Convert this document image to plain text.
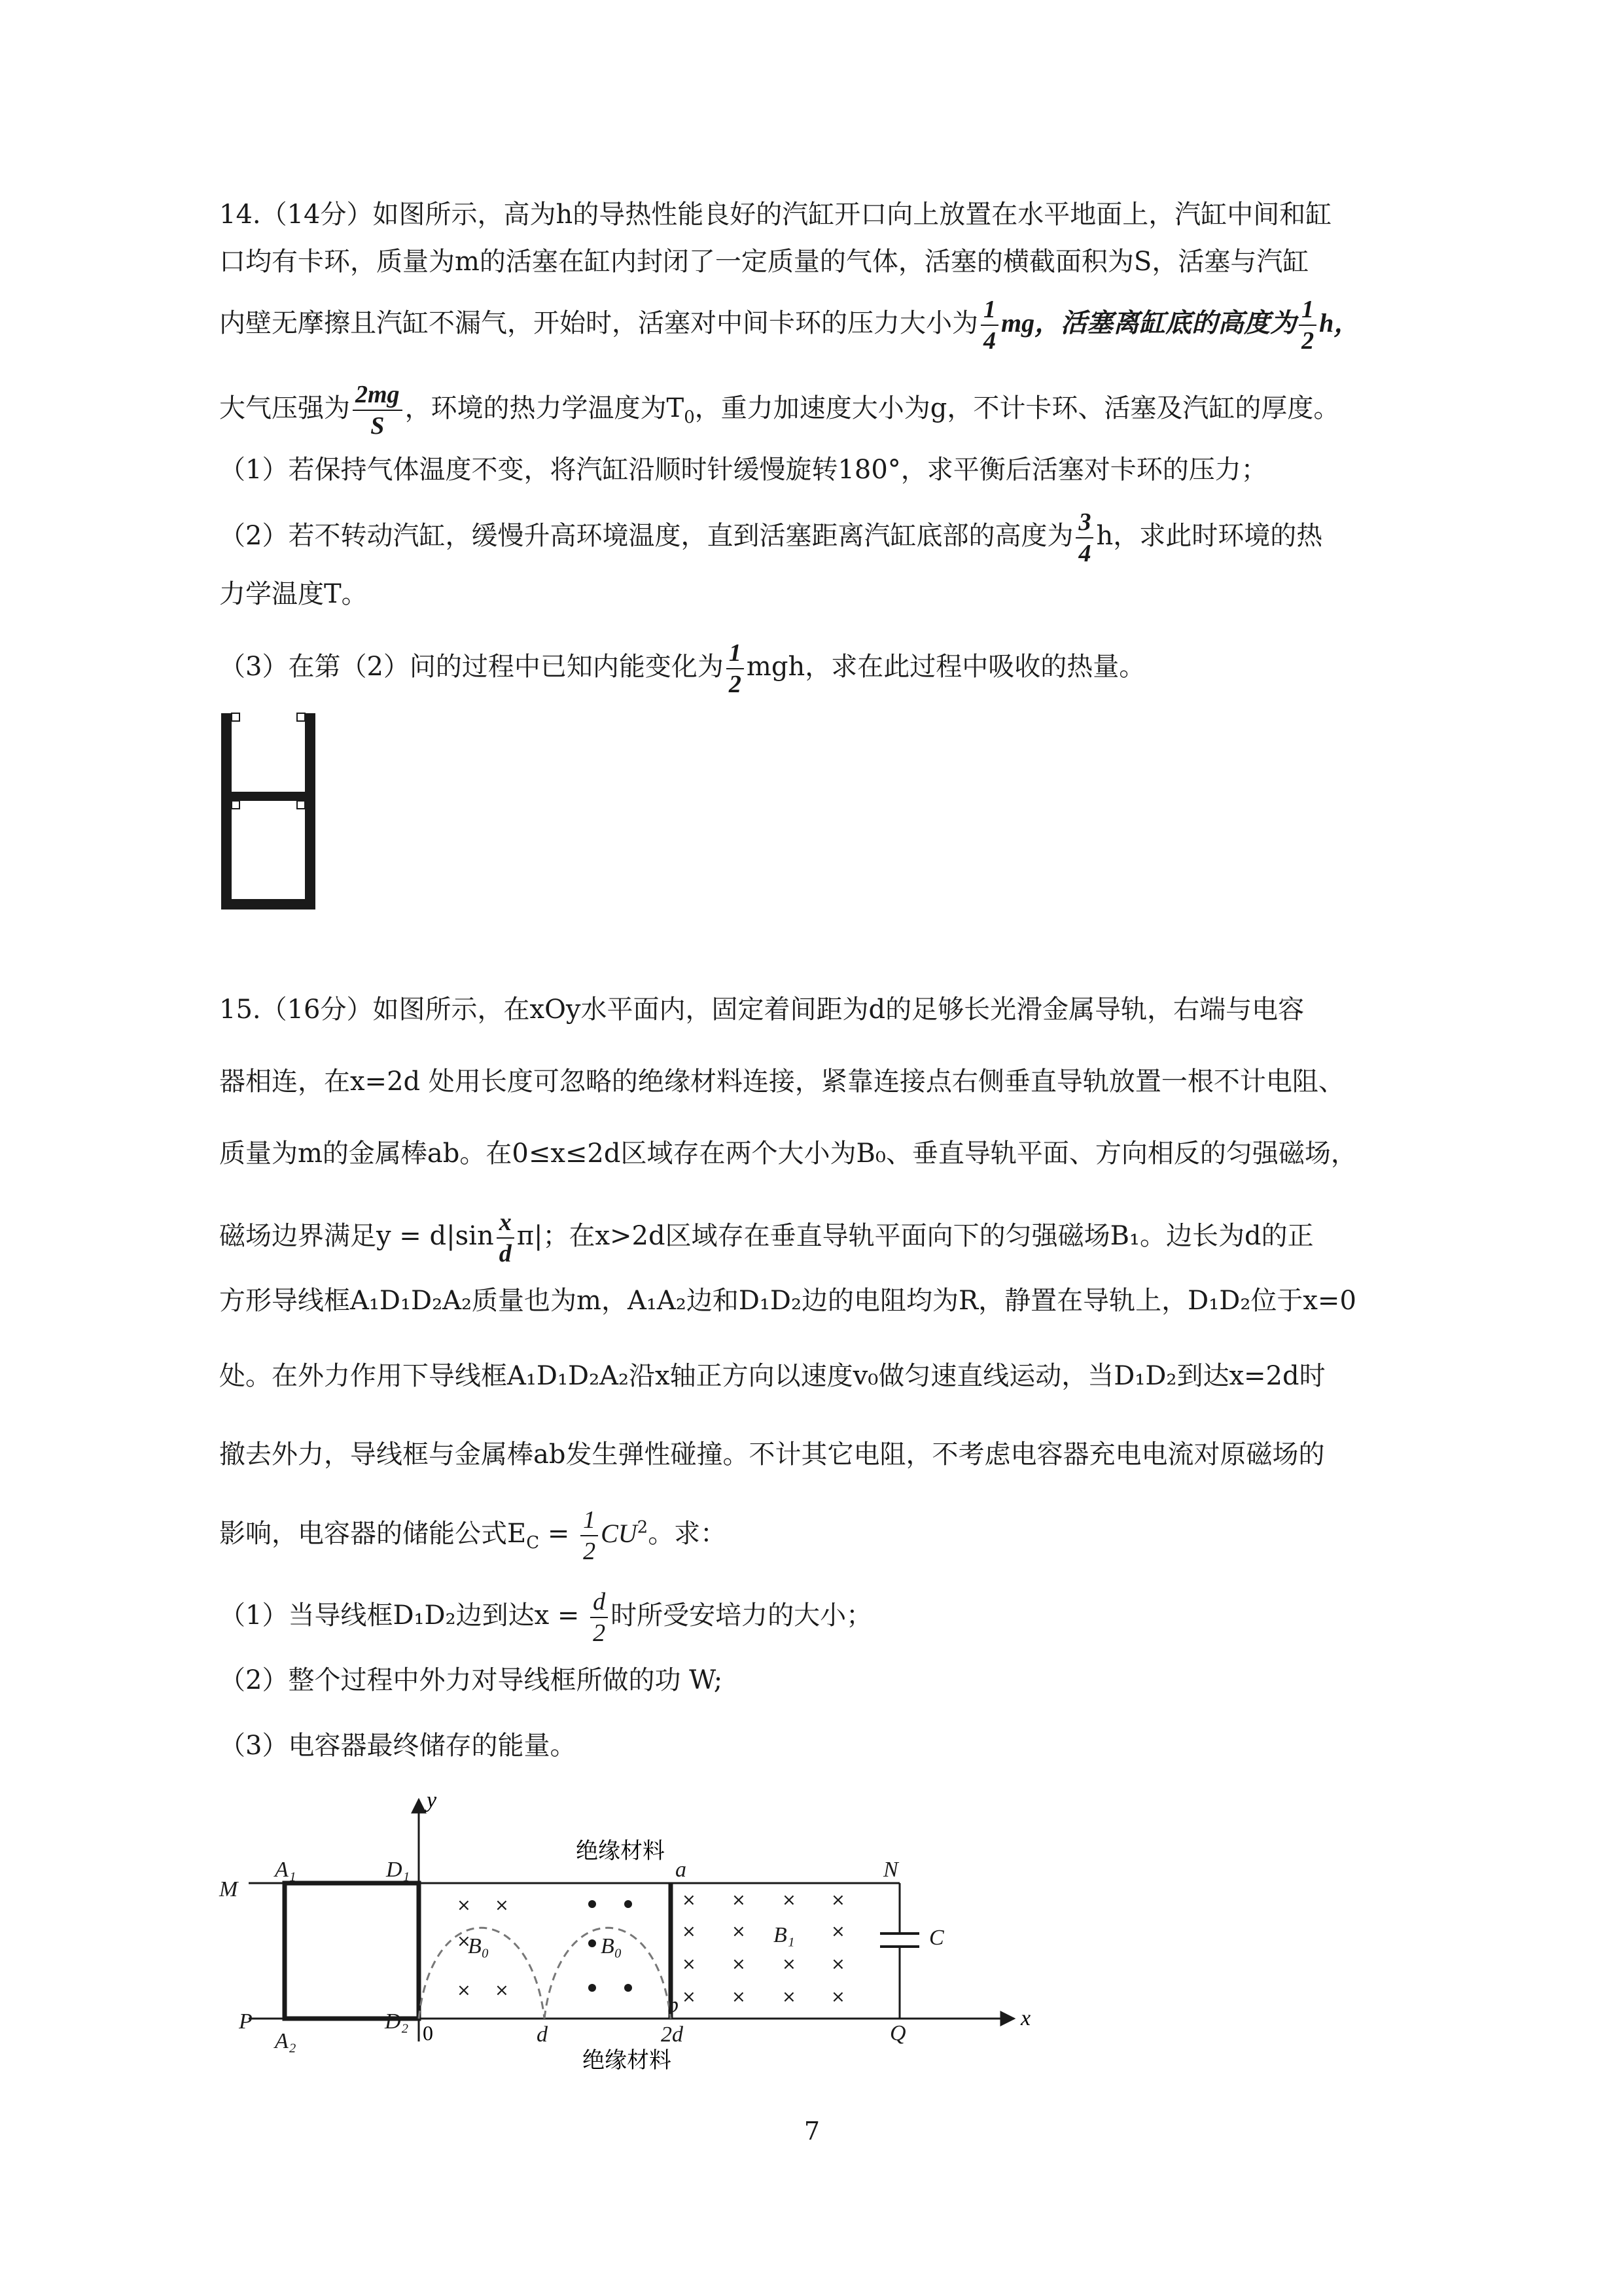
14.（14分）如图所示，高为h的导热性能良好的汽缸开口向上放置在水平地面上，汽缸中间和缸
口均有卡环，质量为m的活塞在缸内封闭了一定质量的气体，活塞的横截面积为S，活塞与汽缸
内壁无摩擦且汽缸不漏气，开始时，活塞对中间卡环的压力大小为 $\frac{1}{4}$ mg，活塞离缸底的高度为 $\frac{1}{2}$ h，
大气压强为 $\frac{2mg}{S}$ ，环境的热力学温度为$T_0$，重力加速度大小为g，不计卡环、活塞及汽缸的厚度。
（1）若保持气体温度不变，将汽缸沿顺时针缓慢旋转180°，求平衡后活塞对卡环的压力；
（2）若不转动汽缸，缓慢升高环境温度，直到活塞距离汽缸底部的高度为 $\frac{3}{4}$ h，求此时环境的热
力学温度T。
（3）在第（2）问的过程中已知内能变化为 $\frac{1}{2}$ mgh，求在此过程中吸收的热量。
15.（16分）如图所示，在xOy水平面内，固定着间距为d的足够长光滑金属导轨，右端与电容
器相连，在x=2d 处用长度可忽略的绝缘材料连接，紧靠连接点右侧垂直导轨放置一根不计电阻、
质量为m的金属棒ab。在0≤x≤2d区域存在两个大小为B₀、垂直导轨平面、方向相反的匀强磁场，
磁场边界满足$y = d|\sin \frac{x}{d} \pi|$；在x>2d区域存在垂直导轨平面向下的匀强磁场B₁。边长为d的正
方形导线框A₁D₁D₂A₂质量也为m，A₁A₂边和D₁D₂边的电阻均为R，静置在导轨上，D₁D₂位于x=0
处。在外力作用下导线框A₁D₁D₂A₂沿x轴正方向以速度v₀做匀速直线运动，当D₁D₂到达x=2d时
撤去外力，导线框与金属棒ab发生弹性碰撞。不计其它电阻，不考虑电容器充电电流对原磁场的
影响，电容器的储能公式$E_C = \frac{1}{2} CU^2$。求：
（1）当导线框D₁D₂边到达$x = \frac{d}{2}$ 时所受安培力的大小；
（2）整个过程中外力对导线框所做的功 W;
（3）电容器最终储存的能量。
y
x
× ×
×
× ×
× × × ×
× ×	×
× × × ×
× × × ×
M
P
A₁
A₂
D₁
D₂
a
b
N
Q
C
B₀	B₀	B₁
d	2d
0
绝缘材料
绝缘材料
7
